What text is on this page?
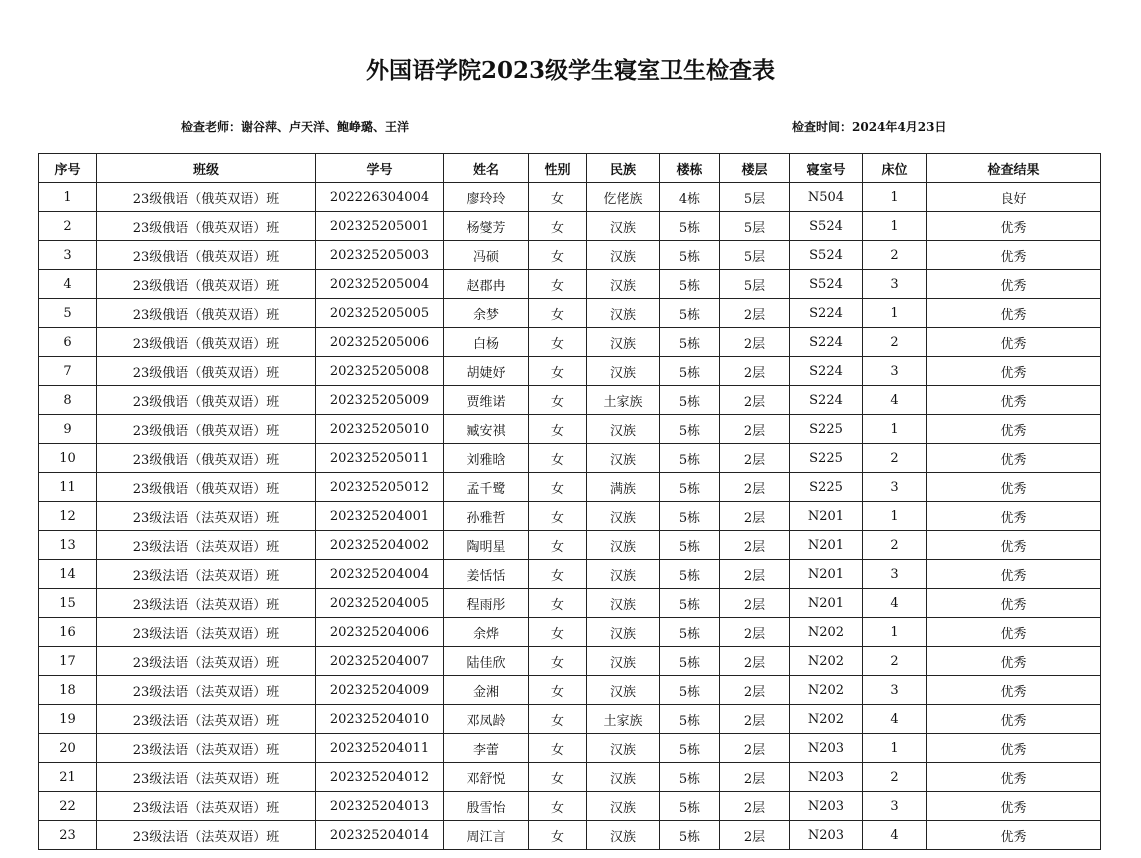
外国语学院2023级学生寝室卫生检查表
检查老师：谢谷萍、卢天洋、鲍峥璐、王洋	检查时间：2024年4月23日
序号	班级	学号	姓名	性别	民族	楼栋	楼层	寝室号	床位	检查结果
1	23级俄语（俄英双语）班	202226304004	廖玲玲	女	仡佬族	4栋	5层	N504	1	良好
2	23级俄语（俄英双语）班	202325205001	杨燮芳	女	汉族	5栋	5层	S524	1	优秀
3	23级俄语（俄英双语）班	202325205003	冯硕	女	汉族	5栋	5层	S524	2	优秀
4	23级俄语（俄英双语）班	202325205004	赵郡冉	女	汉族	5栋	5层	S524	3	优秀
5	23级俄语（俄英双语）班	202325205005	余梦	女	汉族	5栋	2层	S224	1	优秀
6	23级俄语（俄英双语）班	202325205006	白杨	女	汉族	5栋	2层	S224	2	优秀
7	23级俄语（俄英双语）班	202325205008	胡婕妤	女	汉族	5栋	2层	S224	3	优秀
8	23级俄语（俄英双语）班	202325205009	贾维诺	女	土家族	5栋	2层	S224	4	优秀
9	23级俄语（俄英双语）班	202325205010	臧安祺	女	汉族	5栋	2层	S225	1	优秀
10	23级俄语（俄英双语）班	202325205011	刘雅晗	女	汉族	5栋	2层	S225	2	优秀
11	23级俄语（俄英双语）班	202325205012	孟千鹭	女	满族	5栋	2层	S225	3	优秀
12	23级法语（法英双语）班	202325204001	孙雅哲	女	汉族	5栋	2层	N201	1	优秀
13	23级法语（法英双语）班	202325204002	陶明星	女	汉族	5栋	2层	N201	2	优秀
14	23级法语（法英双语）班	202325204004	姜恬恬	女	汉族	5栋	2层	N201	3	优秀
15	23级法语（法英双语）班	202325204005	程雨彤	女	汉族	5栋	2层	N201	4	优秀
16	23级法语（法英双语）班	202325204006	余烨	女	汉族	5栋	2层	N202	1	优秀
17	23级法语（法英双语）班	202325204007	陆佳欣	女	汉族	5栋	2层	N202	2	优秀
18	23级法语（法英双语）班	202325204009	金湘	女	汉族	5栋	2层	N202	3	优秀
19	23级法语（法英双语）班	202325204010	邓凤龄	女	土家族	5栋	2层	N202	4	优秀
20	23级法语（法英双语）班	202325204011	李蕾	女	汉族	5栋	2层	N203	1	优秀
21	23级法语（法英双语）班	202325204012	邓舒悦	女	汉族	5栋	2层	N203	2	优秀
22	23级法语（法英双语）班	202325204013	殷雪怡	女	汉族	5栋	2层	N203	3	优秀
23	23级法语（法英双语）班	202325204014	周江言	女	汉族	5栋	2层	N203	4	优秀
